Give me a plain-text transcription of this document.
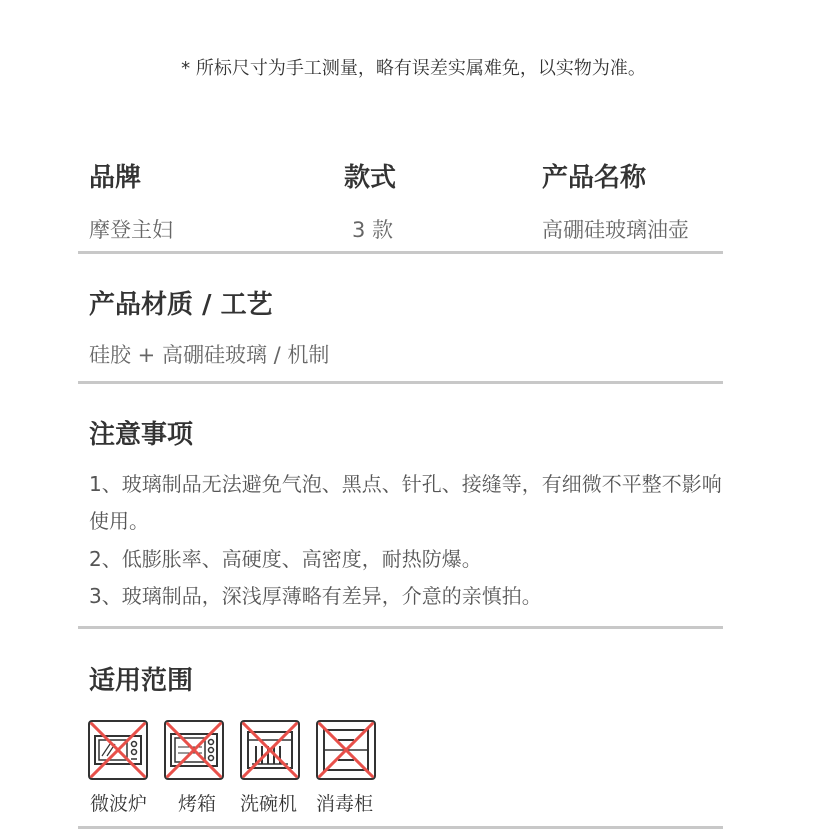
* 所标尺寸为手工测量，略有误差实属难免，以实物为准。
品牌	款式	产品名称
摩登主妇	3 款	高硼硅玻璃油壶
产品材质 / 工艺
硅胶 + 高硼硅玻璃 / 机制
注意事项
1、玻璃制品无法避免气泡、黑点、针孔、接缝等，有细微不平整不影响使用。
2、低膨胀率、高硬度、高密度，耐热防爆。
3、玻璃制品，深浅厚薄略有差异，介意的亲慎拍。
适用范围
微波炉 烤箱 洗碗机 消毒柜
